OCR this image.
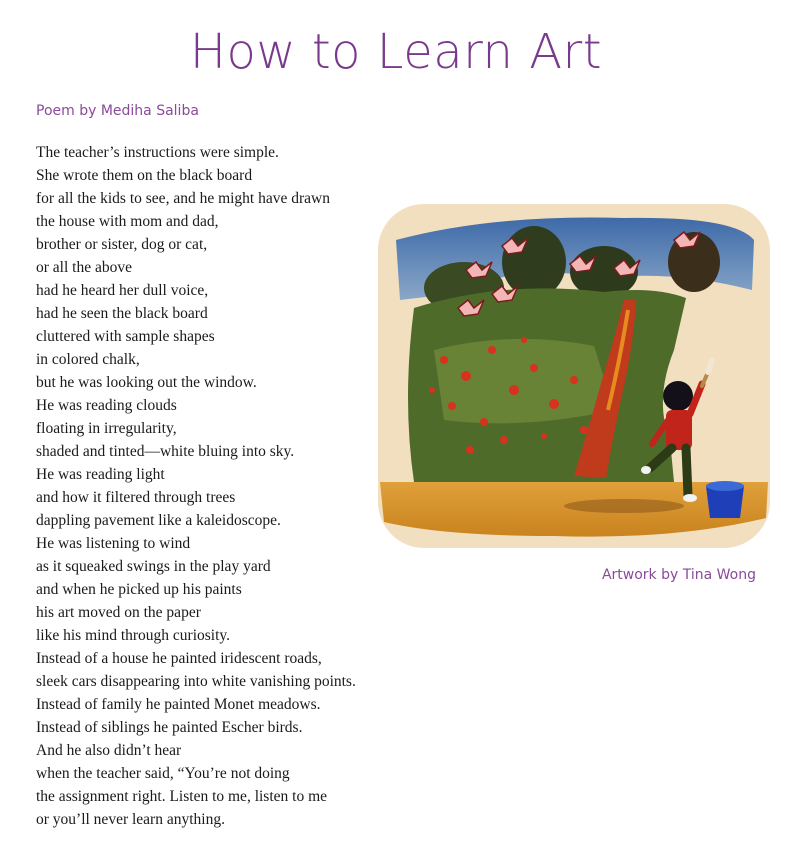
How to Learn Art
Poem by Mediha Saliba
The teacher’s instructions were simple.
She wrote them on the black board
for all the kids to see, and he might have drawn
the house with mom and dad,
brother or sister, dog or cat,
or all the above
had he heard her dull voice,
had he seen the black board
cluttered with sample shapes
in colored chalk,
but he was looking out the window.
He was reading clouds
floating in irregularity,
shaded and tinted—white bluing into sky.
He was reading light
and how it filtered through trees
dappling pavement like a kaleidoscope.
He was listening to wind
as it squeaked swings in the play yard
and when he picked up his paints
his art moved on the paper
like his mind through curiosity.
Instead of a house he painted iridescent roads,
sleek cars disappearing into white vanishing points.
Instead of family he painted Monet meadows.
Instead of siblings he painted Escher birds.
And he also didn’t hear
when the teacher said, “You’re not doing
the assignment right. Listen to me, listen to me
or you’ll never learn anything.
Artwork by Tina Wong
